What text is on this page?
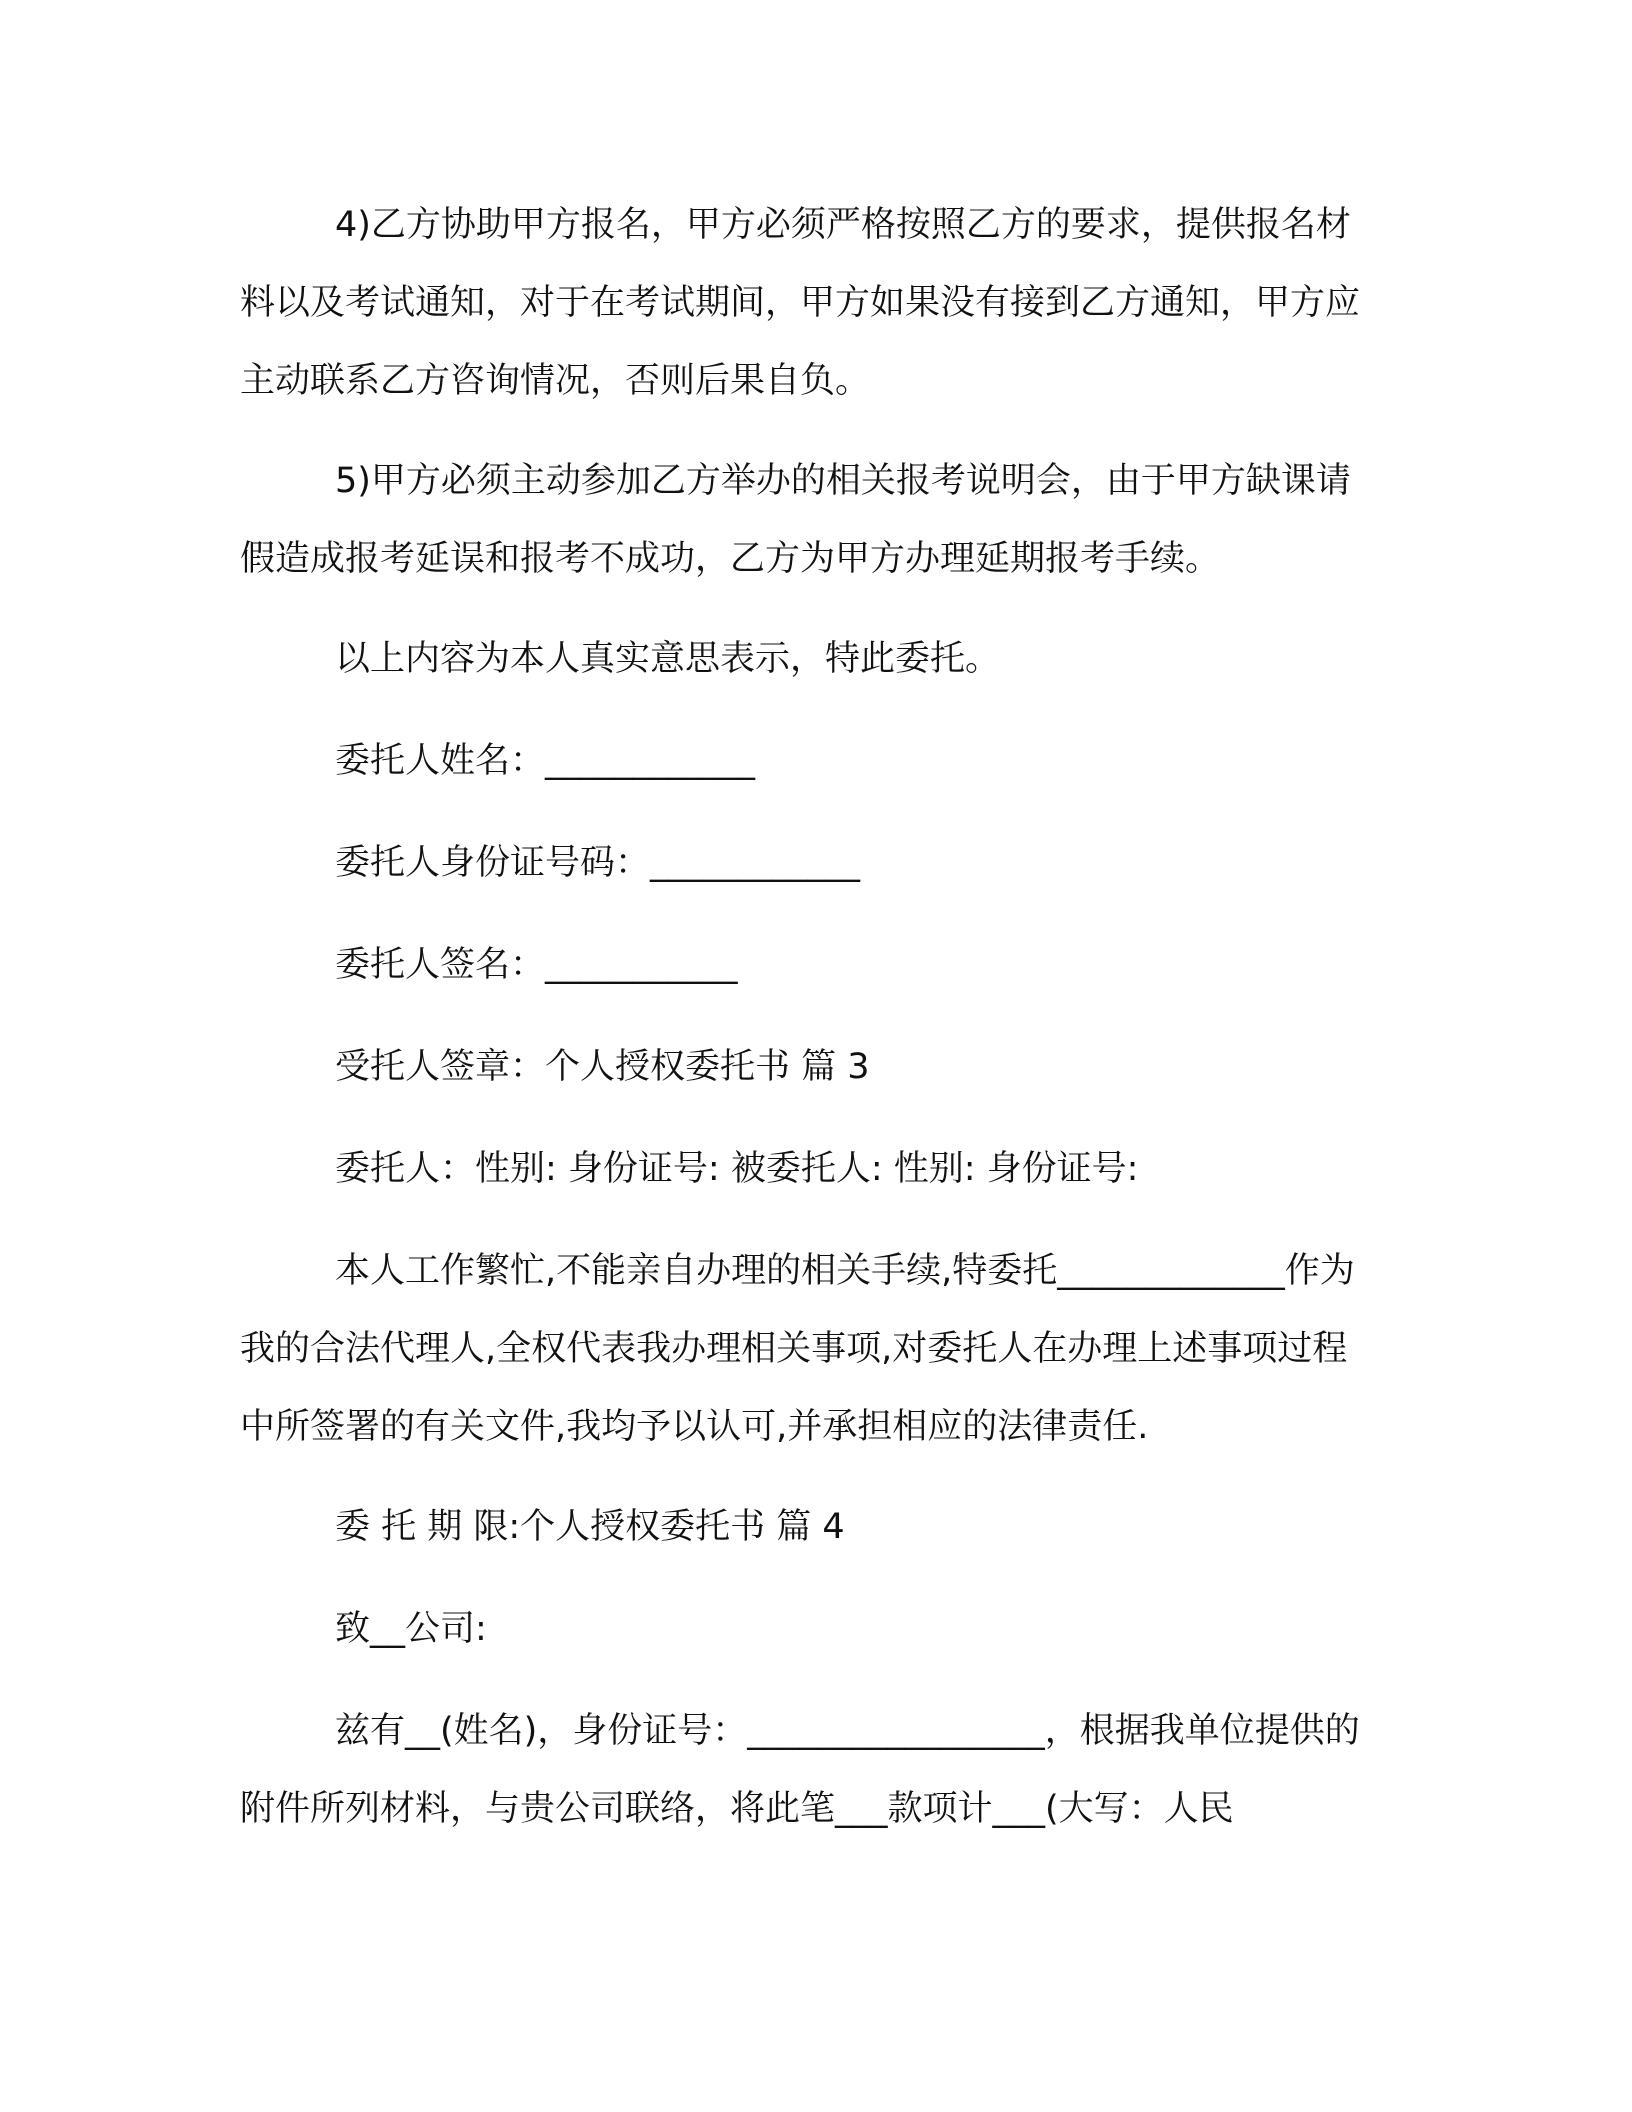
4)乙方协助甲方报名，甲方必须严格按照乙方的要求，提供报名材料以及考试通知，对于在考试期间，甲方如果没有接到乙方通知，甲方应主动联系乙方咨询情况，否则后果自负。

5)甲方必须主动参加乙方举办的相关报考说明会，由于甲方缺课请假造成报考延误和报考不成功，乙方为甲方办理延期报考手续。

以上内容为本人真实意思表示，特此委托。

委托人姓名：____________

委托人身份证号码：____________

委托人签名：___________

受托人签章：个人授权委托书 篇 3

委托人：性别: 身份证号: 被委托人: 性别: 身份证号:

本人工作繁忙,不能亲自办理的相关手续,特委托_____________作为我的合法代理人,全权代表我办理相关事项,对委托人在办理上述事项过程中所签署的有关文件,我均予以认可,并承担相应的法律责任.

委 托 期 限:个人授权委托书 篇 4

致__公司:

兹有__(姓名)，身份证号：_________________，根据我单位提供的附件所列材料，与贵公司联络，将此笔___款项计___(大写：人民
